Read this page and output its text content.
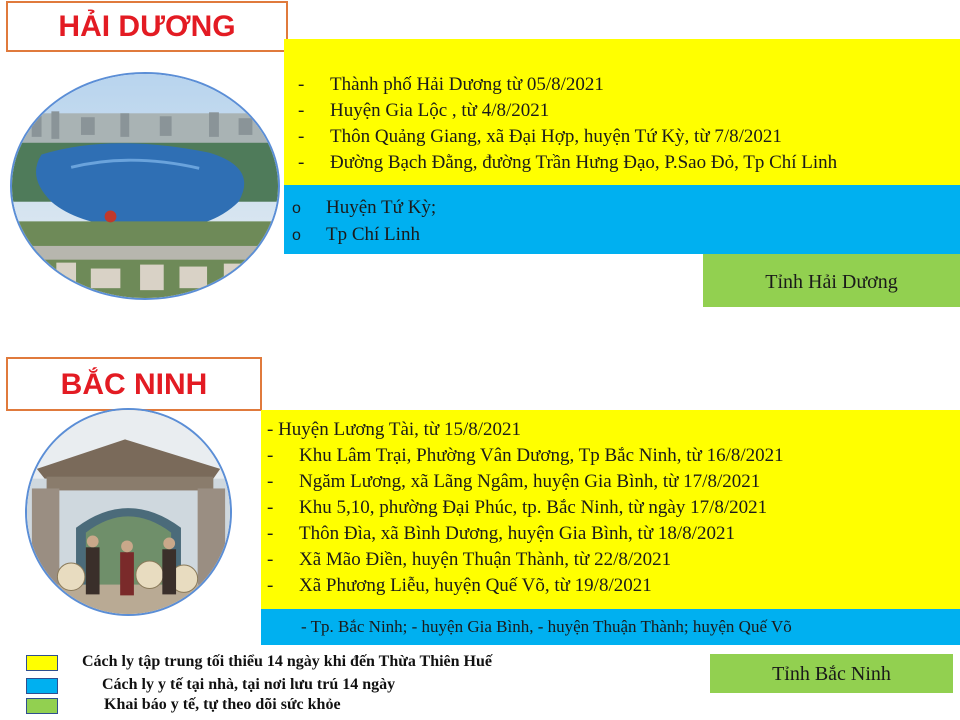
HẢI DƯƠNG
- Thành phố Hải Dương từ 05/8/2021
- Huyện Gia Lộc , từ 4/8/2021
- Thôn Quảng Giang, xã Đại Hợp, huyện Tứ Kỳ, từ 7/8/2021
- Đường Bạch Đằng, đường Trần Hưng Đạo, P.Sao Đỏ, Tp Chí Linh
o Huyện Tứ Kỳ;
o Tp Chí Linh
Tỉnh Hải Dương
BẮC NINH
- Huyện Lương Tài, từ 15/8/2021
- Khu Lâm Trại, Phường Vân Dương, Tp Bắc Ninh, từ 16/8/2021
- Ngăm Lương, xã Lãng Ngâm, huyện Gia Bình, từ 17/8/2021
- Khu 5,10, phường Đại Phúc, tp. Bắc Ninh, từ ngày 17/8/2021
- Thôn Đìa, xã Bình Dương, huyện Gia Bình, từ 18/8/2021
- Xã Mão Điền, huyện Thuận Thành, từ 22/8/2021
- Xã Phương Liễu, huyện Quế Võ, từ 19/8/2021
- Tp. Bắc Ninh; - huyện Gia Bình, - huyện Thuận Thành; huyện Quế Võ
Tỉnh Bắc Ninh
Cách ly tập trung tối thiểu 14 ngày khi đến Thừa Thiên Huế
Cách ly y tế tại nhà, tại nơi lưu trú 14 ngày
Khai báo y tế, tự theo dõi sức khỏe
